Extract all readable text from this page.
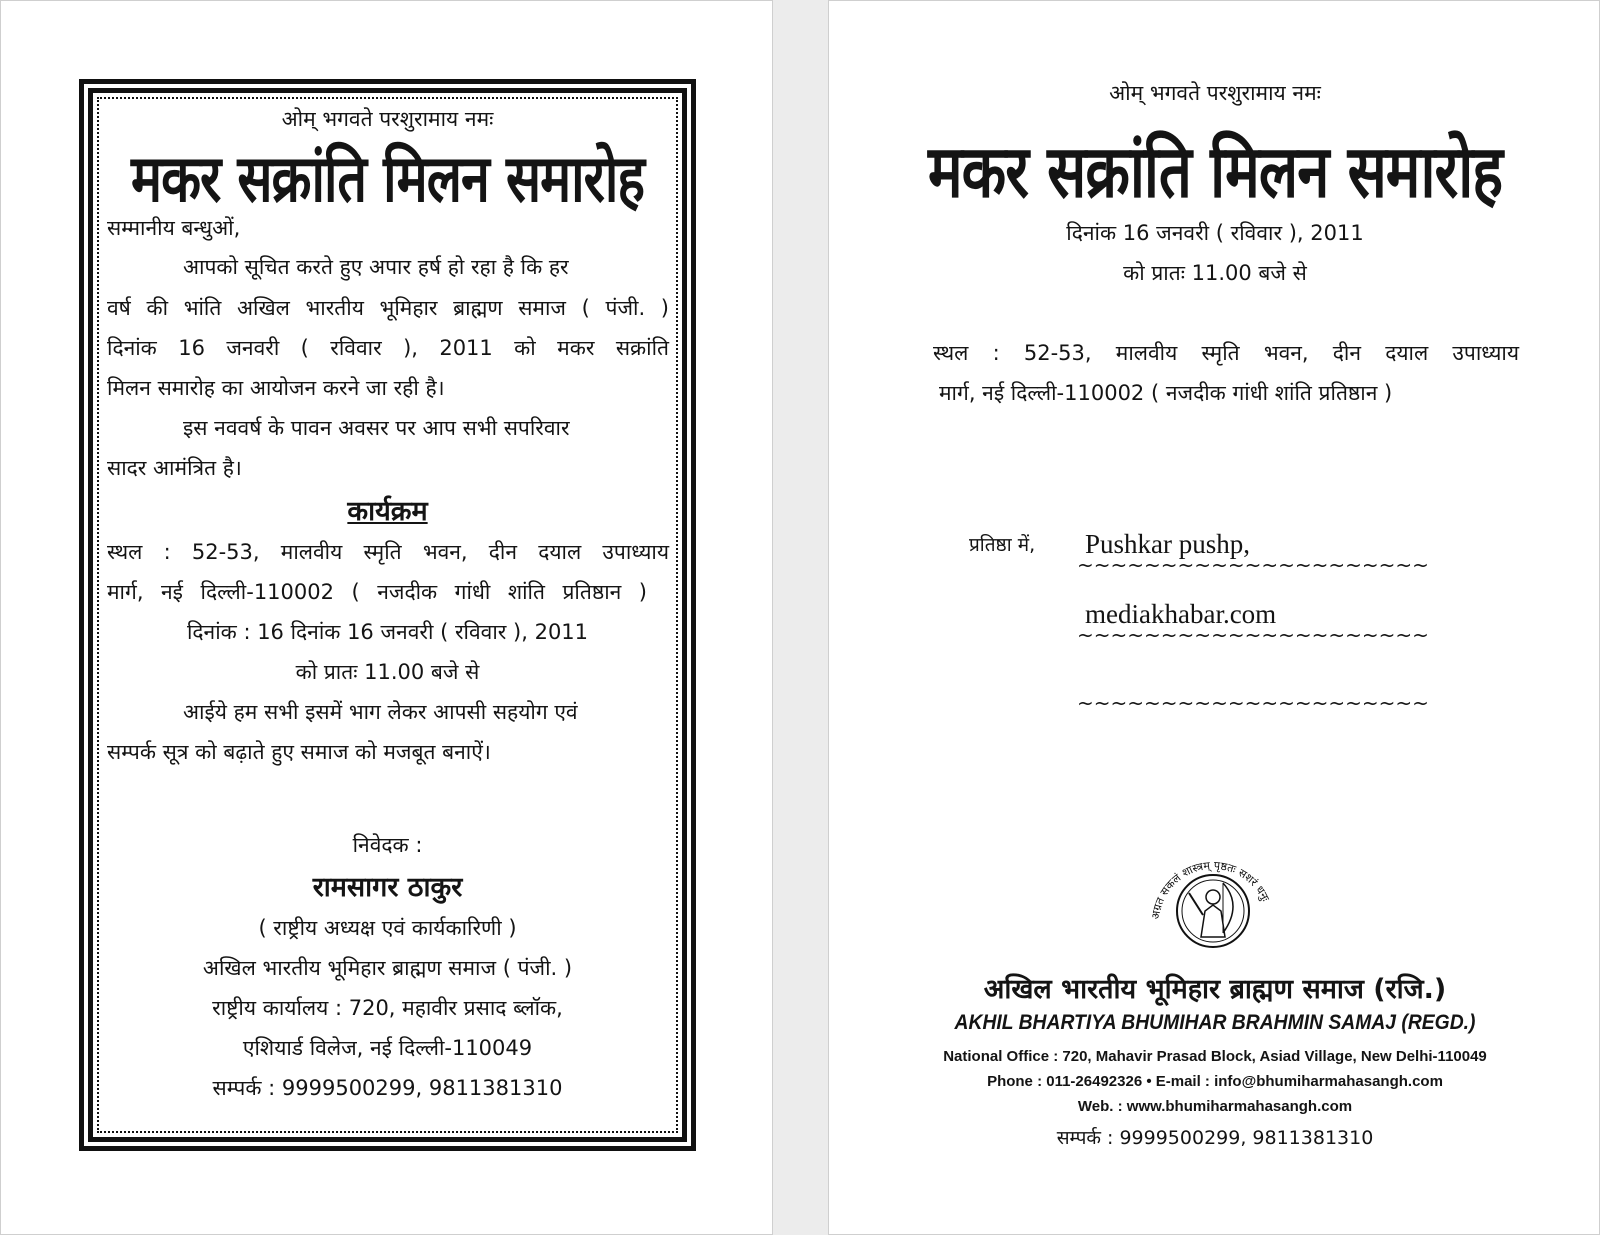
ओम् भगवते परशुरामाय नमः
मकर सक्रांति मिलन समारोह
सम्मानीय बन्धुओं,
आपको सूचित करते हुए अपार हर्ष हो रहा है कि हर
वर्ष की भांति अखिल भारतीय भूमिहार ब्राह्मण समाज ( पंजी. )
दिनांक 16 जनवरी ( रविवार ), 2011 को मकर सक्रांति
मिलन समारोह का आयोजन करने जा रही है।
इस नववर्ष के पावन अवसर पर आप सभी सपरिवार
सादर आमंत्रित है।
कार्यक्रम
स्थल : 52-53, मालवीय स्मृति भवन, दीन दयाल उपाध्याय
मार्ग, नई दिल्ली-110002 ( नजदीक गांधी शांति प्रतिष्ठान )
दिनांक : 16 दिनांक 16 जनवरी ( रविवार ), 2011
को प्रातः 11.00 बजे से
आईये हम सभी इसमें भाग लेकर आपसी सहयोग एवं
सम्पर्क सूत्र को बढ़ाते हुए समाज को मजबूत बनाऐं।
निवेदक :
रामसागर ठाकुर
( राष्ट्रीय अध्यक्ष एवं कार्यकारिणी )
अखिल भारतीय भूमिहार ब्राह्मण समाज ( पंजी. )
राष्ट्रीय कार्यालय : 720, महावीर प्रसाद ब्लॉक,
एशियार्ड विलेज, नई दिल्ली-110049
सम्पर्क : 9999500299, 9811381310
ओम् भगवते परशुरामाय नमः
मकर सक्रांति मिलन समारोह
दिनांक 16 जनवरी ( रविवार ), 2011
को प्रातः 11.00 बजे से
स्थल : 52-53, मालवीय स्मृति भवन, दीन दयाल उपाध्याय
मार्ग, नई दिल्ली-110002 ( नजदीक गांधी शांति प्रतिष्ठान )
प्रतिष्ठा में, Pushkar pushp,
~~~~~~~~~~~~~~~~~~~~~
mediakhabar.com
~~~~~~~~~~~~~~~~~~~~~
~~~~~~~~~~~~~~~~~~~~~
अग्रत सकलं शास्त्रम् पृष्ठतः सशरं धनुः
अखिल भारतीय भूमिहार ब्राह्मण समाज (रजि.)
AKHIL BHARTIYA BHUMIHAR BRAHMIN SAMAJ (REGD.)
National Office : 720, Mahavir Prasad Block, Asiad Village, New Delhi-110049
Phone : 011-26492326 • E-mail : info@bhumiharmahasangh.com
Web. : www.bhumiharmahasangh.com
सम्पर्क : 9999500299, 9811381310
